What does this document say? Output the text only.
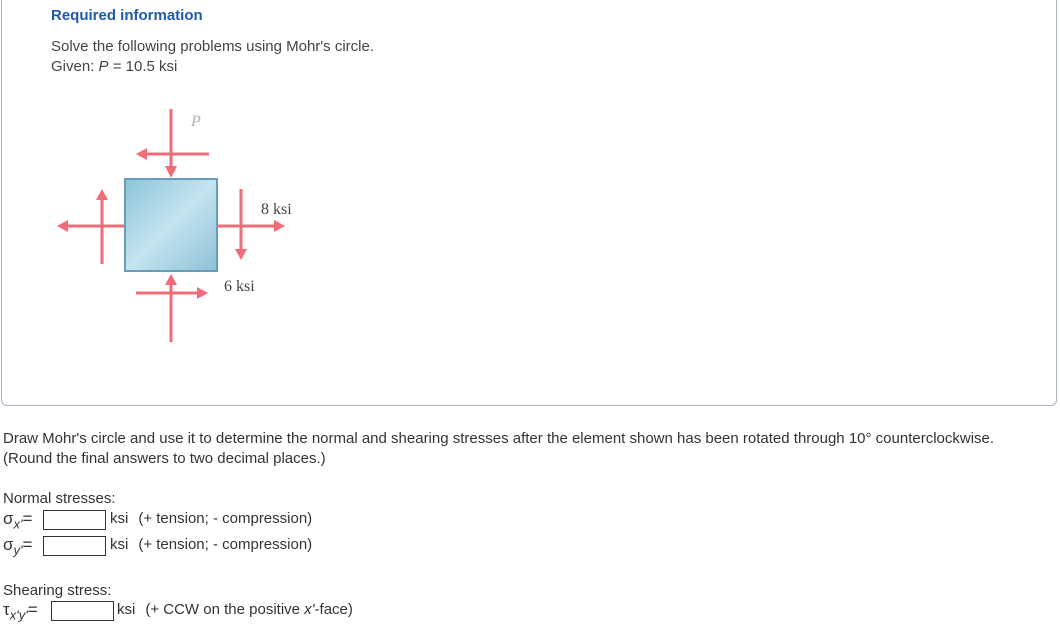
Required information
Solve the following problems using Mohr's circle.
Given: P = 10.5 ksi
P
8 ksi
6 ksi
Draw Mohr's circle and use it to determine the normal and shearing stresses after the element shown has been rotated through 10° counterclockwise. (Round the final answers to two decimal places.)
Normal stresses:
$\sigma_{x'}=$	ksi (+ tension; - compression)
$\sigma_{y'}=$	ksi (+ tension; - compression)
Shearing stress:
$\tau_{x'y'}=$	ksi (+ CCW on the positive x'-face)
